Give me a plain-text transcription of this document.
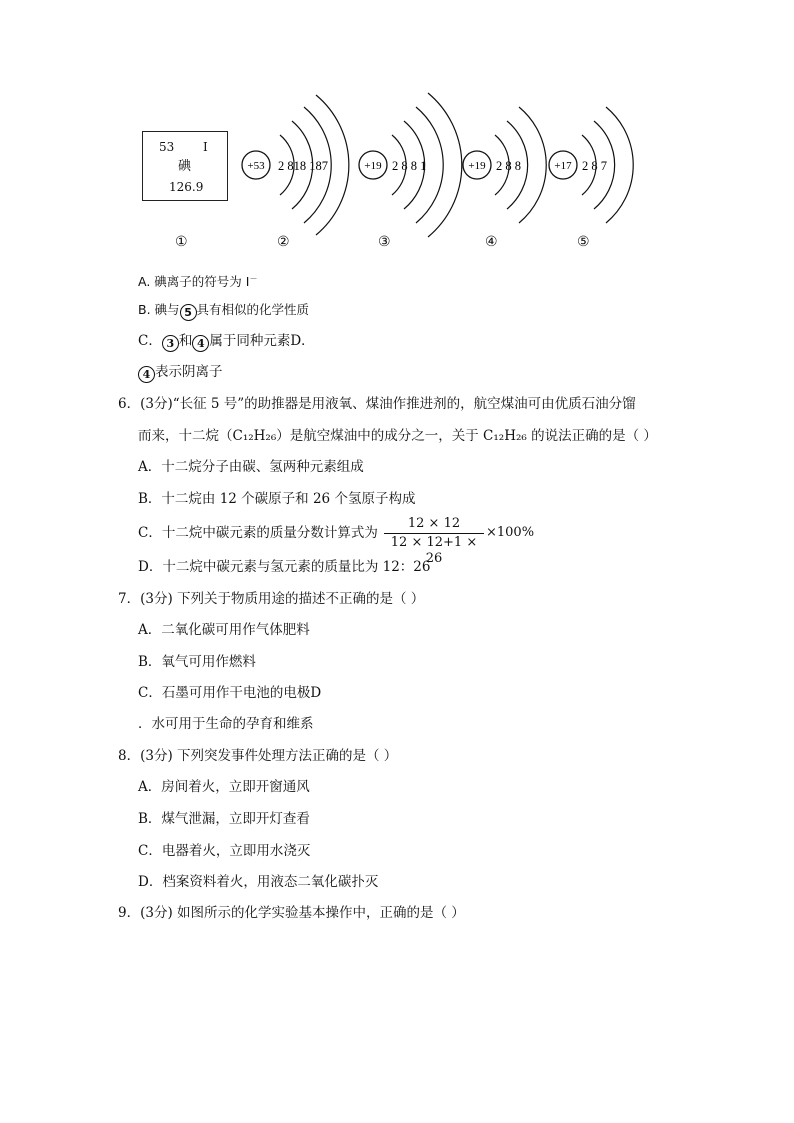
53 I
碘
126.9
+53 2 818 187	+19 2 8 8 1	+19 2 8 8	+17 2 8 7
①	②	③	④	⑤
A. 碘离子的符号为 I－
B. 碘与 5 具有相似的化学性质
C． 3 和 4 属于同种元素D．
4 表示阴离子
6．(3分)“长征 5 号”的助推器是用液氧、煤油作推进剂的，航空煤油可由优质石油分馏
而来，十二烷（C₁₂H₂₆）是航空煤油中的成分之一，关于 C₁₂H₂₆ 的说法正确的是（ ）
A．十二烷分子由碳、氢两种元素组成
B．十二烷由 12 个碳原子和 26 个氢原子构成
C．十二烷中碳元素的质量分数计算式为
12 × 12
12 × 12+1 × 26
×100%
D．十二烷中碳元素与氢元素的质量比为 12：26
7．(3分) 下列关于物质用途的描述不正确的是（ ）
A．二氧化碳可用作气体肥料
B．氧气可用作燃料
C．石墨可用作干电池的电极D
．水可用于生命的孕育和维系
8．(3分) 下列突发事件处理方法正确的是（ ）
A．房间着火，立即开窗通风
B．煤气泄漏，立即开灯查看
C．电器着火，立即用水浇灭
D．档案资料着火，用液态二氧化碳扑灭
9．(3分) 如图所示的化学实验基本操作中，正确的是（ ）
